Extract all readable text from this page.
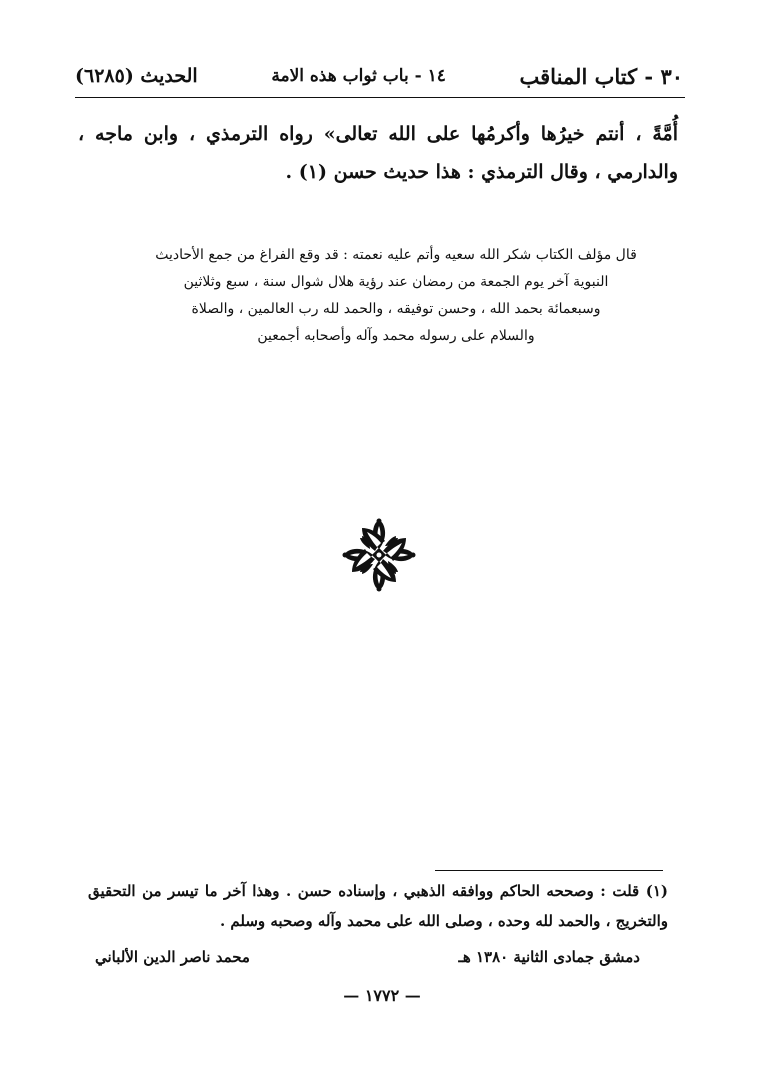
٣٠ - كتاب المناقب
١٤ - باب ثواب هذه الامة
الحديث (٦٢٨٥)
أُمَّةً ، أنتم خيرُها وأكرمُها على الله تعالى» رواه الترمذي ، وابن ماجه ، والدارمي ، وقال الترمذي : هذا حديث حسن (١) .
قال مؤلف الكتاب شكر الله سعيه وأتم عليه نعمته : قد وقع الفراغ من جمع الأحاديث
النبوية آخر يوم الجمعة من رمضان عند رؤية هلال شوال سنة ، سبع وثلاثين
وسبعمائة بحمد الله ، وحسن توفيقه ، والحمد لله رب العالمين ، والصلاة
والسلام على رسوله محمد وآله وأصحابه أجمعين
(١) قلت : وصححه الحاكم ووافقه الذهبي ، وإسناده حسن . وهذا آخر ما تيسر من التحقيق والتخريج ، والحمد لله وحده ، وصلى الله على محمد وآله وصحبه وسلم .
دمشق جمادى الثانية ١٣٨٠ هـ
محمد ناصر الدين الألباني
— ١٧٧٢ —
